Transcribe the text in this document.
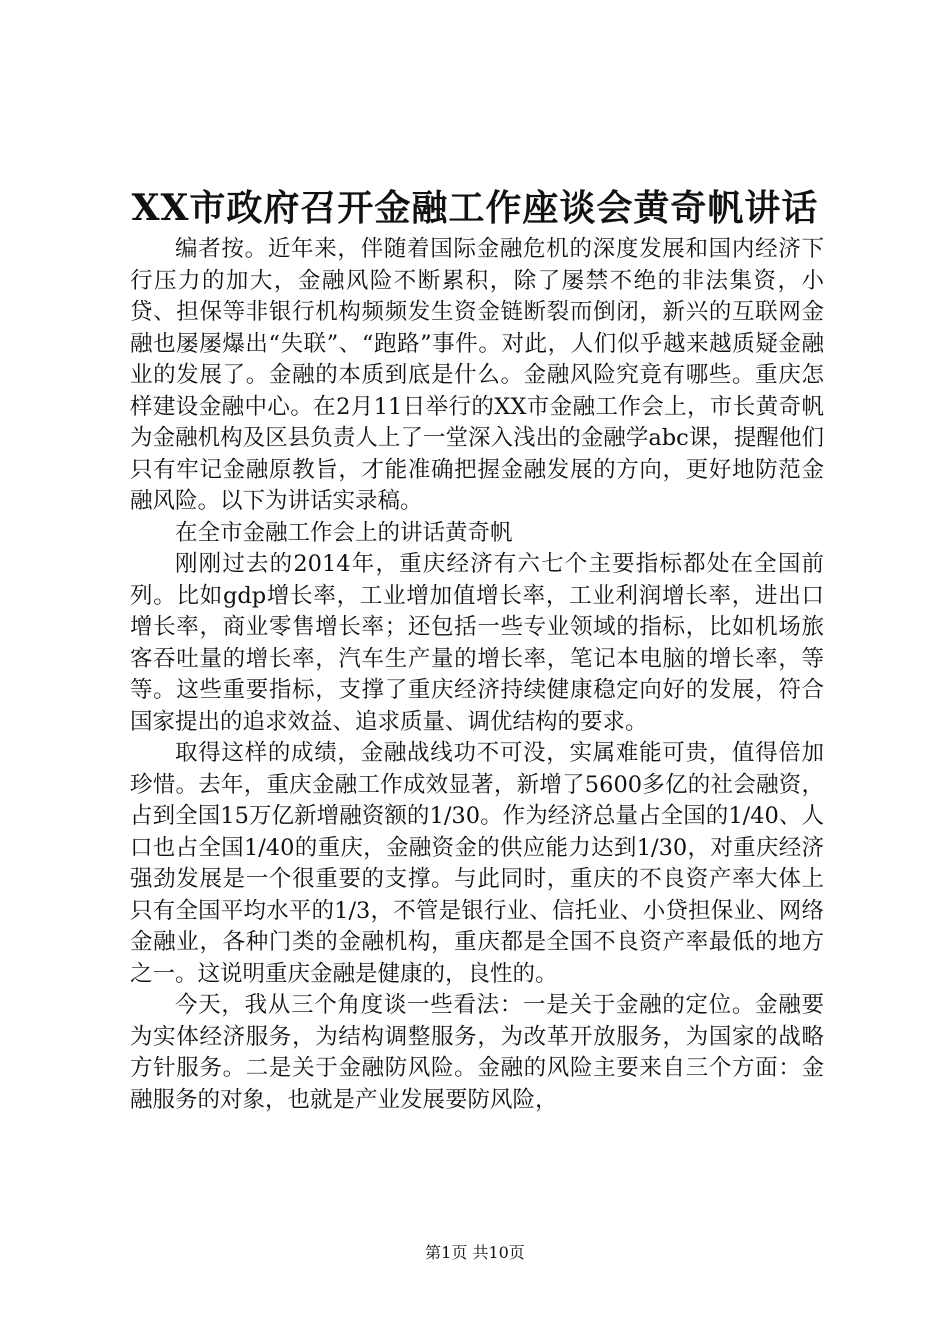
XX市政府召开金融工作座谈会黄奇帆讲话

编者按。近年来，伴随着国际金融危机的深度发展和国内经济下行压力的加大，金融风险不断累积，除了屡禁不绝的非法集资，小贷、担保等非银行机构频频发生资金链断裂而倒闭，新兴的互联网金融也屡屡爆出“失联”、“跑路”事件。对此，人们似乎越来越质疑金融业的发展了。金融的本质到底是什么。金融风险究竟有哪些。重庆怎样建设金融中心。在2月11日举行的XX市金融工作会上，市长黄奇帆为金融机构及区县负责人上了一堂深入浅出的金融学abc课，提醒他们只有牢记金融原教旨，才能准确把握金融发展的方向，更好地防范金融风险。以下为讲话实录稿。

在全市金融工作会上的讲话黄奇帆

刚刚过去的2014年，重庆经济有六七个主要指标都处在全国前列。比如gdp增长率，工业增加值增长率，工业利润增长率，进出口增长率，商业零售增长率；还包括一些专业领域的指标，比如机场旅客吞吐量的增长率，汽车生产量的增长率，笔记本电脑的增长率，等等。这些重要指标，支撑了重庆经济持续健康稳定向好的发展，符合国家提出的追求效益、追求质量、调优结构的要求。

取得这样的成绩，金融战线功不可没，实属难能可贵，值得倍加珍惜。去年，重庆金融工作成效显著，新增了5600多亿的社会融资，占到全国15万亿新增融资额的1/30。作为经济总量占全国的1/40、人口也占全国1/40的重庆，金融资金的供应能力达到1/30，对重庆经济强劲发展是一个很重要的支撑。与此同时，重庆的不良资产率大体上只有全国平均水平的1/3，不管是银行业、信托业、小贷担保业、网络金融业，各种门类的金融机构，重庆都是全国不良资产率最低的地方之一。这说明重庆金融是健康的，良性的。

今天，我从三个角度谈一些看法：一是关于金融的定位。金融要为实体经济服务，为结构调整服务，为改革开放服务，为国家的战略方针服务。二是关于金融防风险。金融的风险主要来自三个方面：金融服务的对象，也就是产业发展要防风险，

第1页 共10页
